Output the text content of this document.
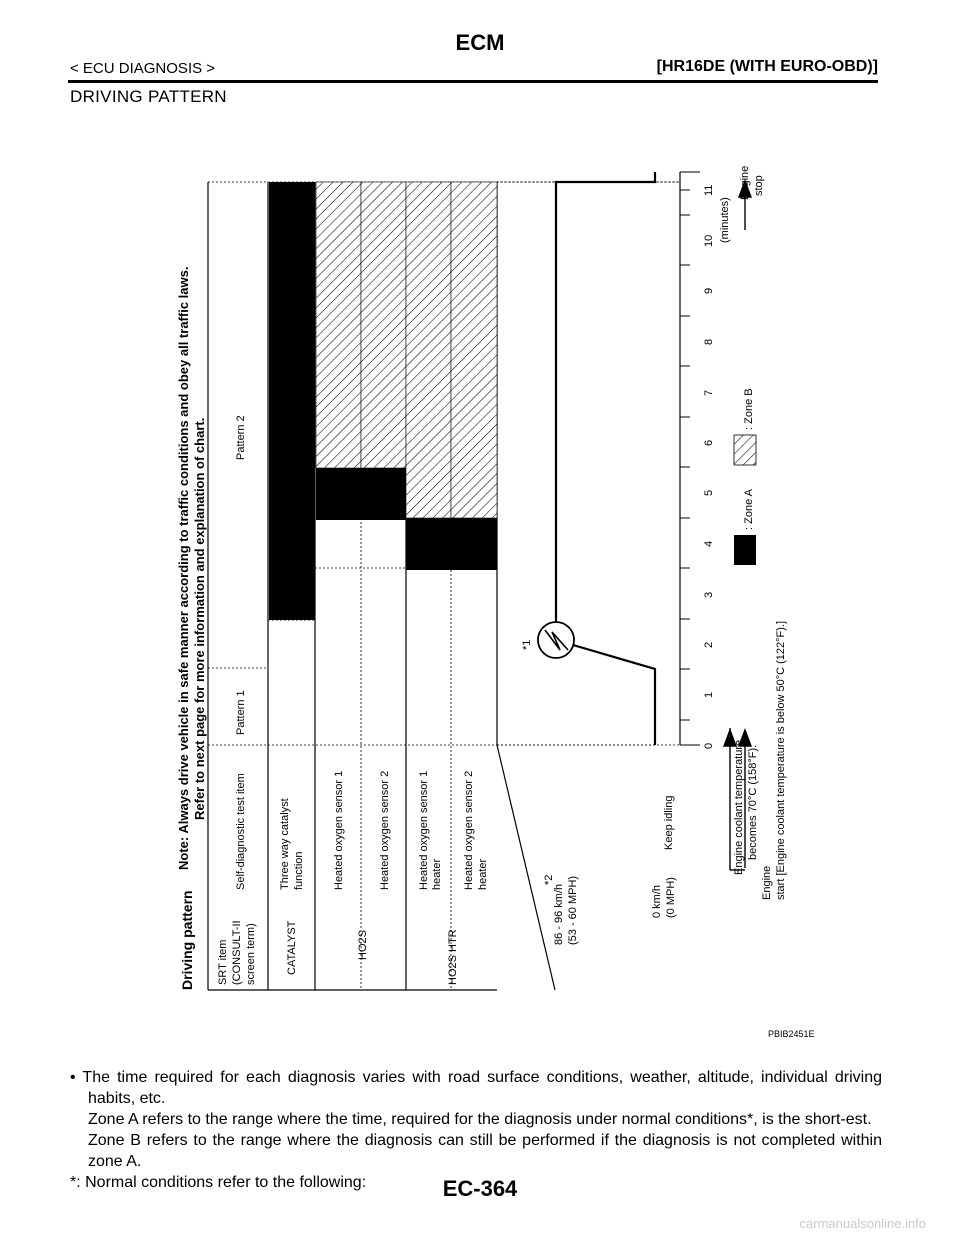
ECM
< ECU DIAGNOSIS >	[HR16DE (WITH EURO-OBD)]
DRIVING PATTERN
Driving pattern
Note: Always drive vehicle in safe manner according to traffic conditions and obey all traffic laws. Refer to next page for more information and explanation of chart.
SRT item (CONSULT-II screen term)
Self-diagnostic test item
Pattern 1
Pattern 2
CATALYST
Three way catalyst function
HO2S
Heated oxygen sensor 1	Heated oxygen sensor 2
HO2S HTR
Heated oxygen sensor 1 heater Heated oxygen sensor 2 heater	*2
86 - 96 km/h (53 - 60 MPH)	0 km/h (0 MPH)
Keep idling
*1
0
1
2
3
4
5
6
7
8
9
10
11
(minutes)
Engine stop
Engine coolant temperature becomes 70°C (158°F).
Engine start [Engine coolant temperature is below 50°C (122°F).]
: Zone A
: Zone B
PBIB2451E
• The time required for each diagnosis varies with road surface conditions, weather, altitude, individual driving habits, etc.
Zone A refers to the range where the time, required for the diagnosis under normal conditions*, is the short-est.
Zone B refers to the range where the diagnosis can still be performed if the diagnosis is not completed within zone A.
*: Normal conditions refer to the following:	EC-364
carmanualsonline.info
